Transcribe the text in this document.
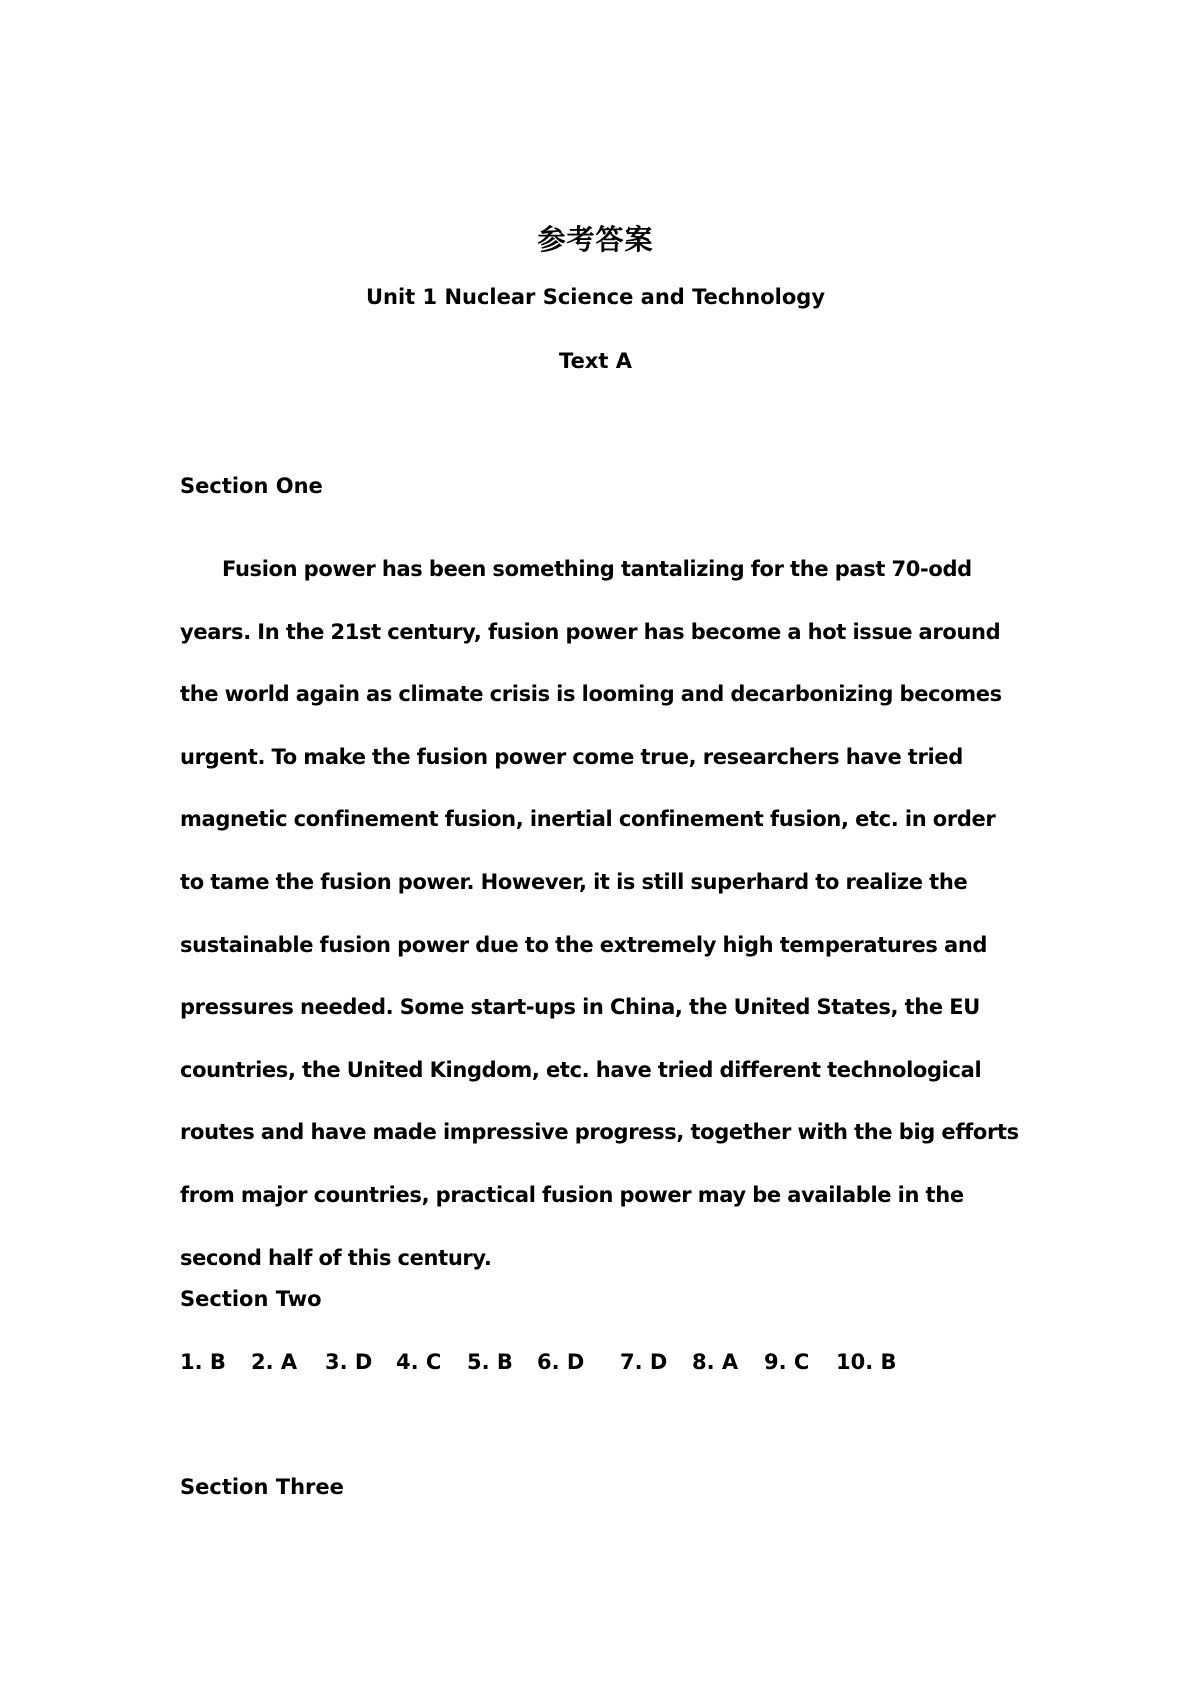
参考答案
Unit 1 Nuclear Science and Technology
Text A
Section One
Fusion power has been something tantalizing for the past 70-odd years. In the 21st century, fusion power has become a hot issue around the world again as climate crisis is looming and decarbonizing becomes urgent. To make the fusion power come true, researchers have tried magnetic confinement fusion, inertial confinement fusion, etc. in order to tame the fusion power. However, it is still superhard to realize the sustainable fusion power due to the extremely high temperatures and pressures needed. Some start-ups in China, the United States, the EU countries, the United Kingdom, etc. have tried different technological routes and have made impressive progress, together with the big efforts from major countries, practical fusion power may be available in the second half of this century.
Section Two
1. B 2. A 3. D 4. C 5. B 6. D 7. D 8. A 9. C 10. B
Section Three
